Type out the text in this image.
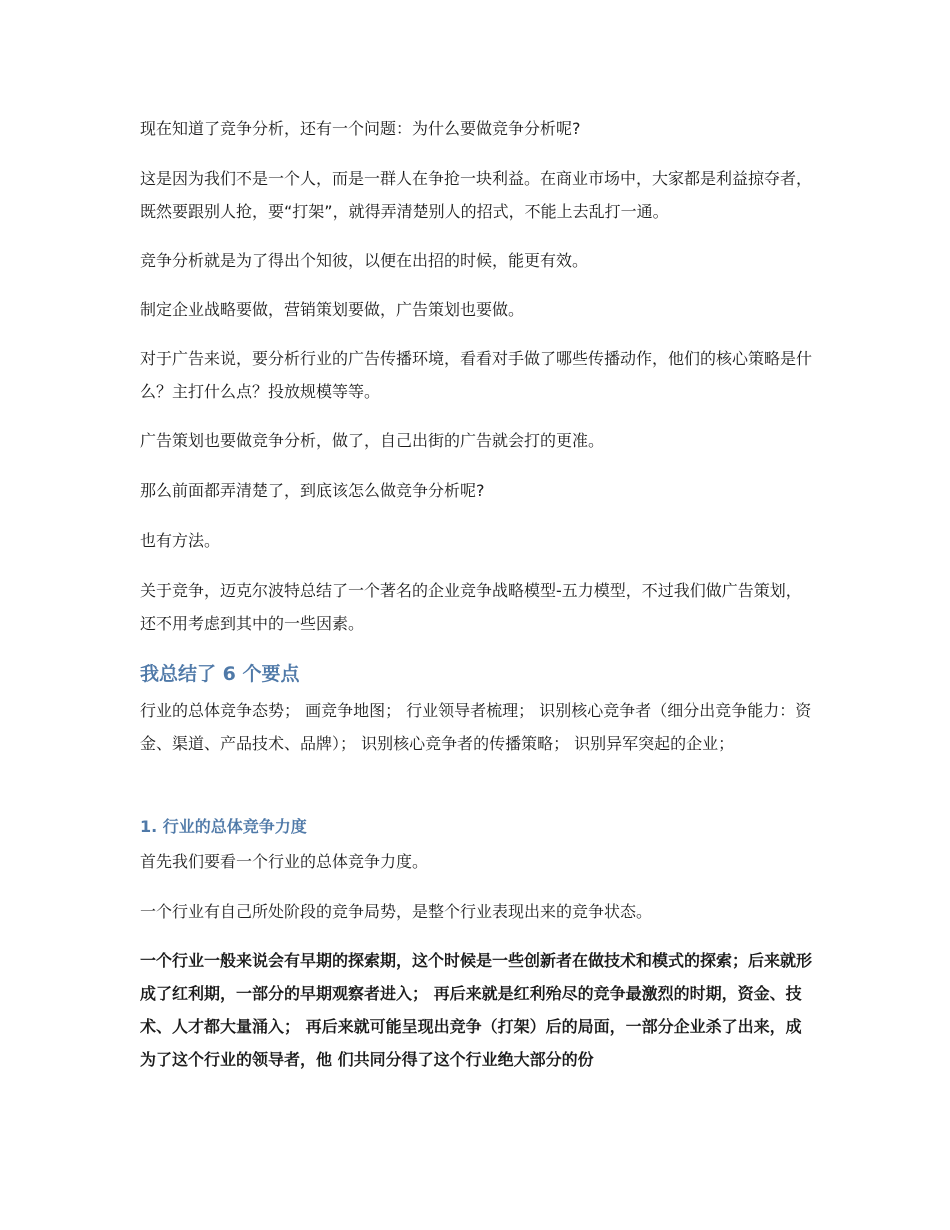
现在知道了竞争分析，还有一个问题：为什么要做竞争分析呢?

这是因为我们不是一个人，而是一群人在争抢一块利益。在商业市场中，大家都是利益掠夺者，既然要跟别人抢，要“打架”，就得弄清楚别人的招式，不能上去乱打一通。

竞争分析就是为了得出个知彼，以便在出招的时候，能更有效。

制定企业战略要做，营销策划要做，广告策划也要做。

对于广告来说，要分析行业的广告传播环境，看看对手做了哪些传播动作，他们的核心策略是什么？主打什么点？投放规模等等。

广告策划也要做竞争分析，做了，自己出街的广告就会打的更准。

那么前面都弄清楚了，到底该怎么做竞争分析呢?

也有方法。

关于竞争，迈克尔波特总结了一个著名的企业竞争战略模型-五力模型，不过我们做广告策划，还不用考虑到其中的一些因素。

我总结了 6 个要点

行业的总体竞争态势； 画竞争地图； 行业领导者梳理； 识别核心竞争者（细分出竞争能力：资金、渠道、产品技术、品牌）； 识别核心竞争者的传播策略； 识别异军突起的企业；

1. 行业的总体竞争力度

首先我们要看一个行业的总体竞争力度。

一个行业有自己所处阶段的竞争局势，是整个行业表现出来的竞争状态。

一个行业一般来说会有早期的探索期，这个时候是一些创新者在做技术和模式的探索；后来就形成了红利期，一部分的早期观察者进入； 再后来就是红利殆尽的竞争最激烈的时期，资金、技术、人才都大量涌入； 再后来就可能呈现出竞争（打架）后的局面，一部分企业杀了出来，成为了这个行业的领导者，他 们共同分得了这个行业绝大部分的份
